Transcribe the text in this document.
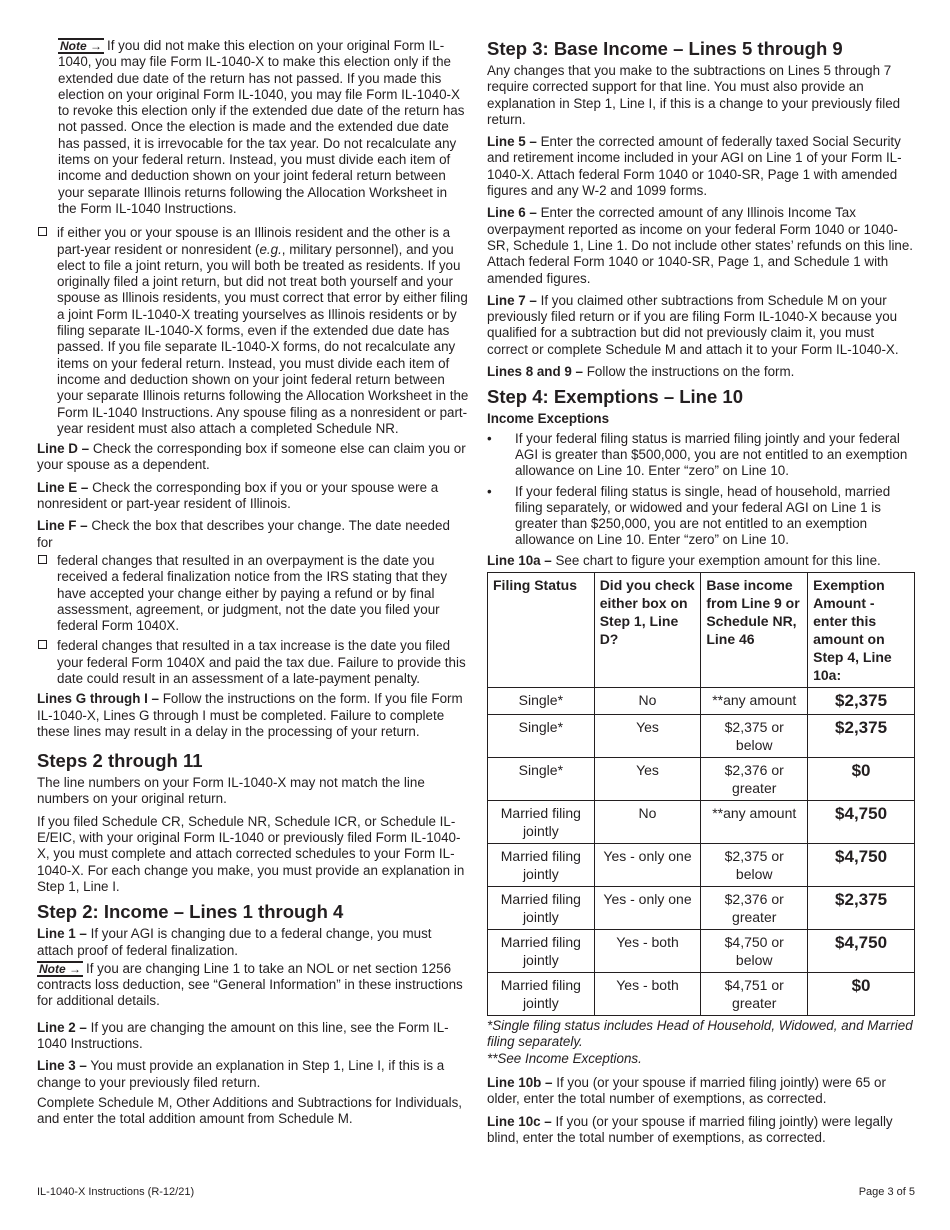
Note → If you did not make this election on your original Form IL-1040, you may file Form IL-1040-X to make this election only if the extended due date of the return has not passed. If you made this election on your original Form IL-1040, you may file Form IL-1040-X to revoke this election only if the extended due date of the return has not passed. Once the election is made and the extended due date has passed, it is irrevocable for the tax year. Do not recalculate any items on your federal return. Instead, you must divide each item of income and deduction shown on your joint federal return between your separate Illinois returns following the Allocation Worksheet in the Form IL-1040 Instructions.

if either you or your spouse is an Illinois resident and the other is a part-year resident or nonresident (e.g., military personnel), and you elect to file a joint return, you will both be treated as residents. If you originally filed a joint return, but did not treat both yourself and your spouse as Illinois residents, you must correct that error by either filing a joint Form IL-1040-X treating yourselves as Illinois residents or by filing separate IL-1040-X forms, even if the extended due date has passed. If you file separate IL-1040-X forms, do not recalculate any items on your federal return. Instead, you must divide each item of income and deduction shown on your joint federal return between your separate Illinois returns following the Allocation Worksheet in the Form IL-1040 Instructions. Any spouse filing as a nonresident or part-year resident must also attach a completed Schedule NR.

Line D – Check the corresponding box if someone else can claim you or your spouse as a dependent.

Line E – Check the corresponding box if you or your spouse were a nonresident or part-year resident of Illinois.

Line F – Check the box that describes your change. The date needed for

federal changes that resulted in an overpayment is the date you received a federal finalization notice from the IRS stating that they have accepted your change either by paying a refund or by final assessment, agreement, or judgment, not the date you filed your federal Form 1040X.
federal changes that resulted in a tax increase is the date you filed your federal Form 1040X and paid the tax due. Failure to provide this date could result in an assessment of a late-payment penalty.

Lines G through I – Follow the instructions on the form. If you file Form IL-1040-X, Lines G through I must be completed. Failure to complete these lines may result in a delay in the processing of your return.

Steps 2 through 11

The line numbers on your Form IL-1040-X may not match the line numbers on your original return.

If you filed Schedule CR, Schedule NR, Schedule ICR, or Schedule IL-E/EIC, with your original Form IL-1040 or previously filed Form IL-1040-X, you must complete and attach corrected schedules to your Form IL-1040-X. For each change you make, you must provide an explanation in Step 1, Line I.

Step 2: Income – Lines 1 through 4

Line 1 – If your AGI is changing due to a federal change, you must attach proof of federal finalization.

Note → If you are changing Line 1 to take an NOL or net section 1256 contracts loss deduction, see “General Information” in these instructions for additional details.

Line 2 – If you are changing the amount on this line, see the Form IL-1040 Instructions.

Line 3 – You must provide an explanation in Step 1, Line I, if this is a change to your previously filed return.

Complete Schedule M, Other Additions and Subtractions for Individuals, and enter the total addition amount from Schedule M.

Step 3: Base Income – Lines 5 through 9

Any changes that you make to the subtractions on Lines 5 through 7 require corrected support for that line. You must also provide an explanation in Step 1, Line I, if this is a change to your previously filed return.

Line 5 – Enter the corrected amount of federally taxed Social Security and retirement income included in your AGI on Line 1 of your Form IL-1040-X. Attach federal Form 1040 or 1040-SR, Page 1 with amended figures and any W-2 and 1099 forms.

Line 6 – Enter the corrected amount of any Illinois Income Tax overpayment reported as income on your federal Form 1040 or 1040-SR, Schedule 1, Line 1. Do not include other states’ refunds on this line. Attach federal Form 1040 or 1040-SR, Page 1, and Schedule 1 with amended figures.

Line 7 – If you claimed other subtractions from Schedule M on your previously filed return or if you are filing Form IL-1040-X because you qualified for a subtraction but did not previously claim it, you must correct or complete Schedule M and attach it to your Form IL-1040-X.

Lines 8 and 9 – Follow the instructions on the form.

Step 4: Exemptions – Line 10
Income Exceptions
• If your federal filing status is married filing jointly and your federal AGI is greater than $500,000, you are not entitled to an exemption allowance on Line 10. Enter “zero” on Line 10.
• If your federal filing status is single, head of household, married filing separately, or widowed and your federal AGI on Line 1 is greater than $250,000, you are not entitled to an exemption allowance on Line 10. Enter “zero” on Line 10.

Line 10a – See chart to figure your exemption amount for this line.

Filing Status	Did you check either box on Step 1, Line D?	Base income from Line 9 or Schedule NR, Line 46	Exemption Amount - enter this amount on Step 4, Line 10a:
Single*	No	**any amount	$2,375
Single*	Yes	$2,375 or below	$2,375
Single*	Yes	$2,376 or greater	$0
Married filing jointly	No	**any amount	$4,750
Married filing jointly	Yes - only one	$2,375 or below	$4,750
Married filing jointly	Yes - only one	$2,376 or greater	$2,375
Married filing jointly	Yes - both	$4,750 or below	$4,750
Married filing jointly	Yes - both	$4,751 or greater	$0

*Single filing status includes Head of Household, Widowed, and Married filing separately.

**See Income Exceptions.

Line 10b – If you (or your spouse if married filing jointly) were 65 or older, enter the total number of exemptions, as corrected.

Line 10c – If you (or your spouse if married filing jointly) were legally blind, enter the total number of exemptions, as corrected.

IL-1040-X Instructions (R-12/21)	Page 3 of 5
